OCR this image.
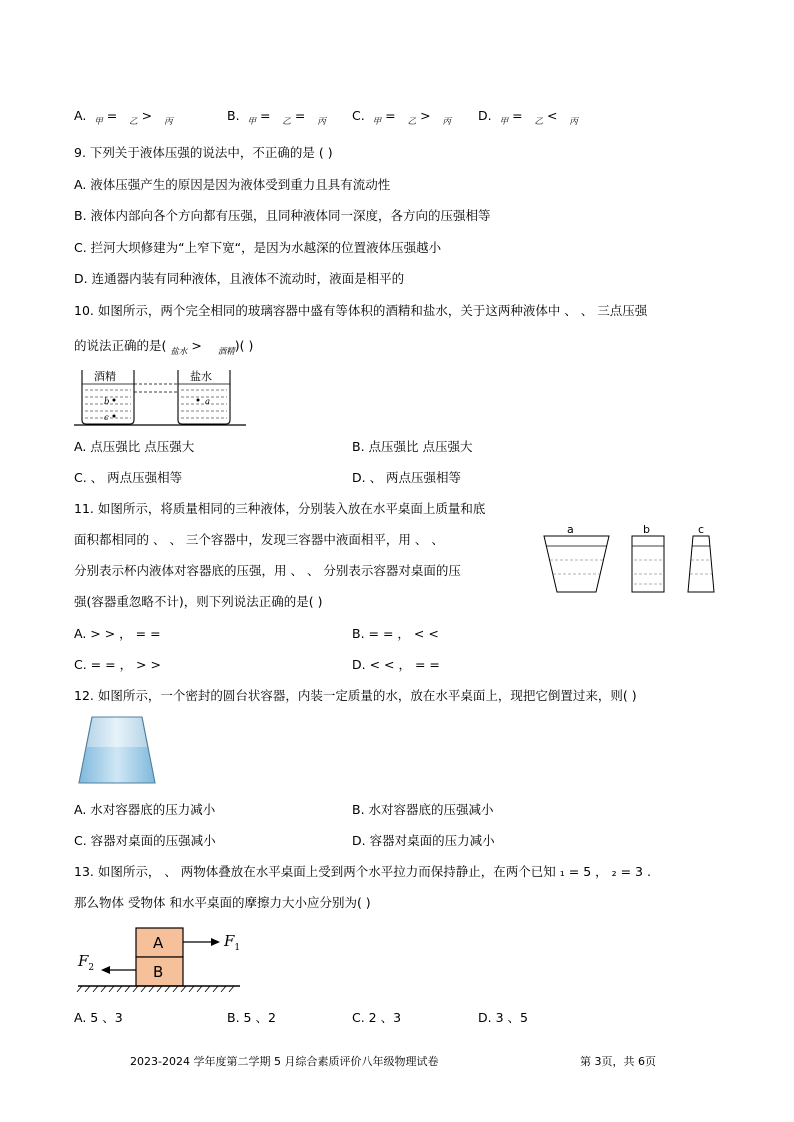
A. $_甲$ = $_乙$ > $_丙$	B. $_甲$ = $_乙$ = $_丙$ C. $_甲$ = $_乙$ > $_丙$ D. $_甲$ = $_乙$ < $_丙$
9. 下列关于液体压强的说法中，不正确的是 ( )
A. 液体压强产生的原因是因为液体受到重力且具有流动性
B. 液体内部向各个方向都有压强，且同种液体同一深度，各方向的压强相等
C. 拦河大坝修建为“上窄下宽“，是因为水越深的位置液体压强越小
D. 连通器内装有同种液体，且液体不流动时，液面是相平的
10. 如图所示，两个完全相同的玻璃容器中盛有等体积的酒精和盐水，关于这两种液体中 、 、 三点压强
的说法正确的是( $_{盐水}$ > $_{酒精}$)( )
酒精
b
c
盐水
a
A. 点压强比 点压强大	B. 点压强比 点压强大
C. 、 两点压强相等	D. 、 两点压强相等
11. 如图所示，将质量相同的三种液体，分别装入放在水平桌面上质量和底
面积都相同的 、 、 三个容器中，发现三容器中液面相平，用 、 、
分别表示杯内液体对容器底的压强，用 、 、 分别表示容器对桌面的压
强(容器重忽略不计)，则下列说法正确的是( )
a	b	c
A. > > ， = =	B. = = ， < <
C. = = ， > >	D. < < ， = =
12. 如图所示，一个密封的圆台状容器，内装一定质量的水，放在水平桌面上，现把它倒置过来，则( )
A. 水对容器底的压力减小	B. 水对容器底的压强减小
C. 容器对桌面的压强减小	D. 容器对桌面的压力减小
13. 如图所示， 、 两物体叠放在水平桌面上受到两个水平拉力而保持静止，在两个已知 ₁ = 5 ， ₂ = 3 .
那么物体 受物体 和水平桌面的摩擦力大小应分别为( )
A
B
$F_1$
$F_2$
A. 5 、3	B. 5 、2	C. 2 、3	D. 3 、5
2023-2024 学年度第二学期 5 月综合素质评价八年级物理试卷	第 3页，共 6页
